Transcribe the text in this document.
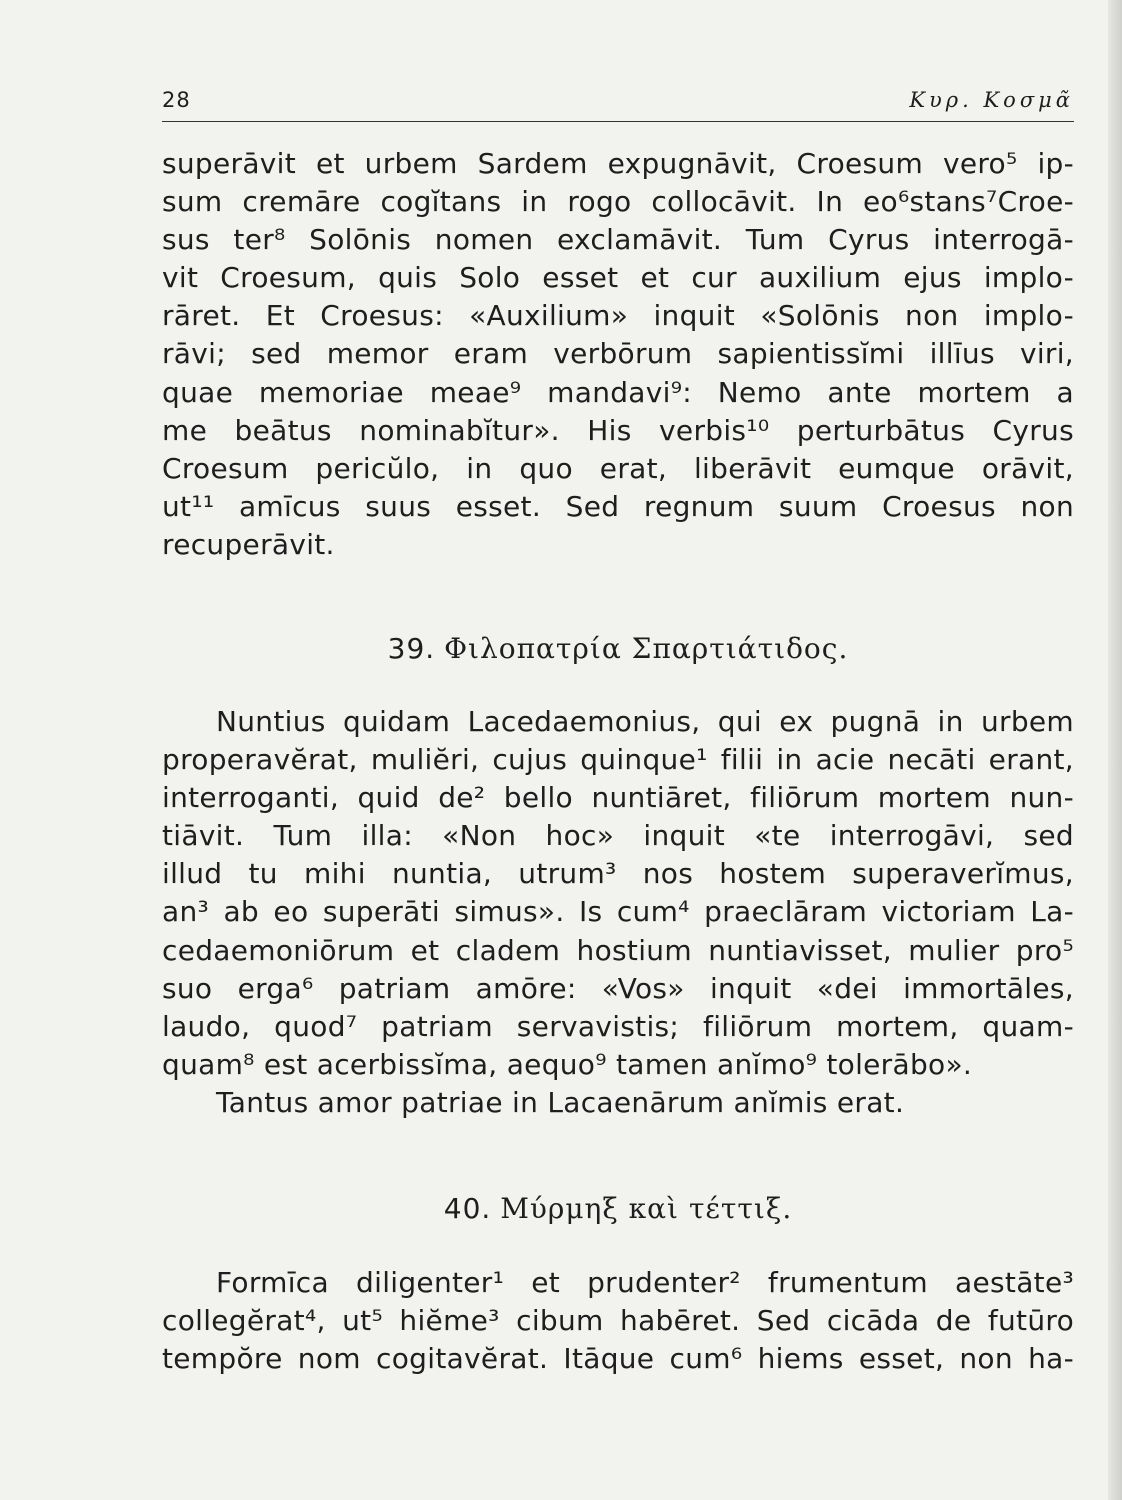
28	Κυρ. Κοσμᾶ
superāvit et urbem Sardem expugnāvit, Croesum vero⁵ ip-
sum cremāre cogĭtans in rogo collocāvit. In eo⁶stans⁷Croe-
sus ter⁸ Solōnis nomen exclamāvit. Tum Cyrus interrogā-
vit Croesum, quis Solo esset et cur auxilium ejus implo-
rāret. Et Croesus: «Auxilium» inquit «Solōnis non implo-
rāvi; sed memor eram verbōrum sapientissĭmi illīus viri,
quae memoriae meae⁹ mandavi⁹: Nemo ante mortem a
me beātus nominabĭtur». His verbis¹⁰ perturbātus Cyrus
Croesum pericŭlo, in quo erat, liberāvit eumque orāvit,
ut¹¹ amīcus suus esset. Sed regnum suum Croesus non
recuperāvit.
39. Φιλοπατρία Σπαρτιάτιδος.
Nuntius quidam Lacedaemonius, qui ex pugnā in urbem
properavĕrat, muliĕri, cujus quinque¹ filii in acie necāti erant,
interroganti, quid de² bello nuntiāret, filiōrum mortem nun-
tiāvit. Tum illa: «Non hoc» inquit «te interrogāvi, sed
illud tu mihi nuntia, utrum³ nos hostem superaverĭmus,
an³ ab eo superāti simus». Is cum⁴ praeclāram victoriam La-
cedaemoniōrum et cladem hostium nuntiavisset, mulier pro⁵
suo erga⁶ patriam amōre: «Vos» inquit «dei immortāles,
laudo, quod⁷ patriam servavistis; filiōrum mortem, quam-
quam⁸ est acerbissĭma, aequo⁹ tamen anĭmo⁹ tolerābo».
Tantus amor patriae in Lacaenārum anĭmis erat.
40. Μύρμηξ καὶ τέττιξ.
Formīca diligenter¹ et prudenter² frumentum aestāte³
collegĕrat⁴, ut⁵ hiĕme³ cibum habēret. Sed cicāda de futūro
tempŏre nom cogitavĕrat. Itāque cum⁶ hiems esset, non ha-
